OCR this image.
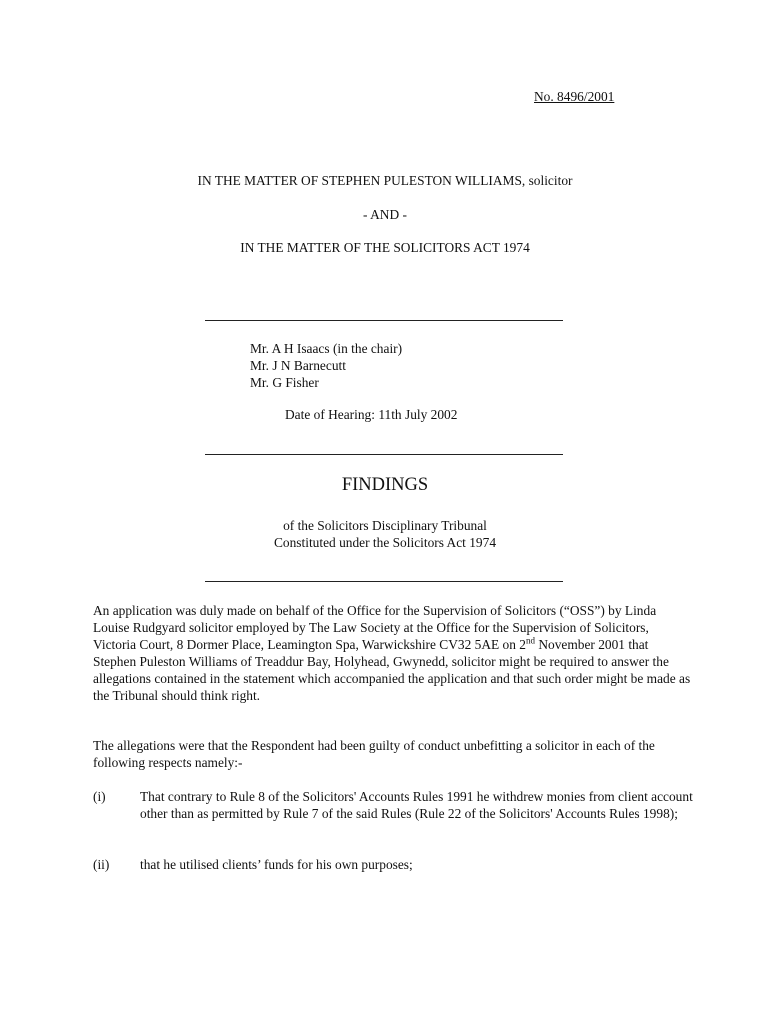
No. 8496/2001
IN THE MATTER OF STEPHEN PULESTON WILLIAMS, solicitor
- AND -
IN THE MATTER OF THE SOLICITORS ACT 1974
Mr. A H Isaacs (in the chair)
Mr. J N Barnecutt
Mr. G Fisher
Date of Hearing: 11th July 2002
FINDINGS
of the Solicitors Disciplinary Tribunal
Constituted under the Solicitors Act 1974
An application was duly made on behalf of the Office for the Supervision of Solicitors (“OSS”) by Linda Louise Rudgyard solicitor employed by The Law Society at the Office for the Supervision of Solicitors, Victoria Court, 8 Dormer Place, Leamington Spa, Warwickshire CV32 5AE on 2nd November 2001 that Stephen Puleston Williams of Treaddur Bay, Holyhead, Gwynedd, solicitor might be required to answer the allegations contained in the statement which accompanied the application and that such order might be made as the Tribunal should think right.
The allegations were that the Respondent had been guilty of conduct unbefitting a solicitor in each of the following respects namely:-
(i)	That contrary to Rule 8 of the Solicitors' Accounts Rules 1991 he withdrew monies from client account other than as permitted by Rule 7 of the said Rules (Rule 22 of the Solicitors' Accounts Rules 1998);
(ii) that he utilised clients’ funds for his own purposes;
